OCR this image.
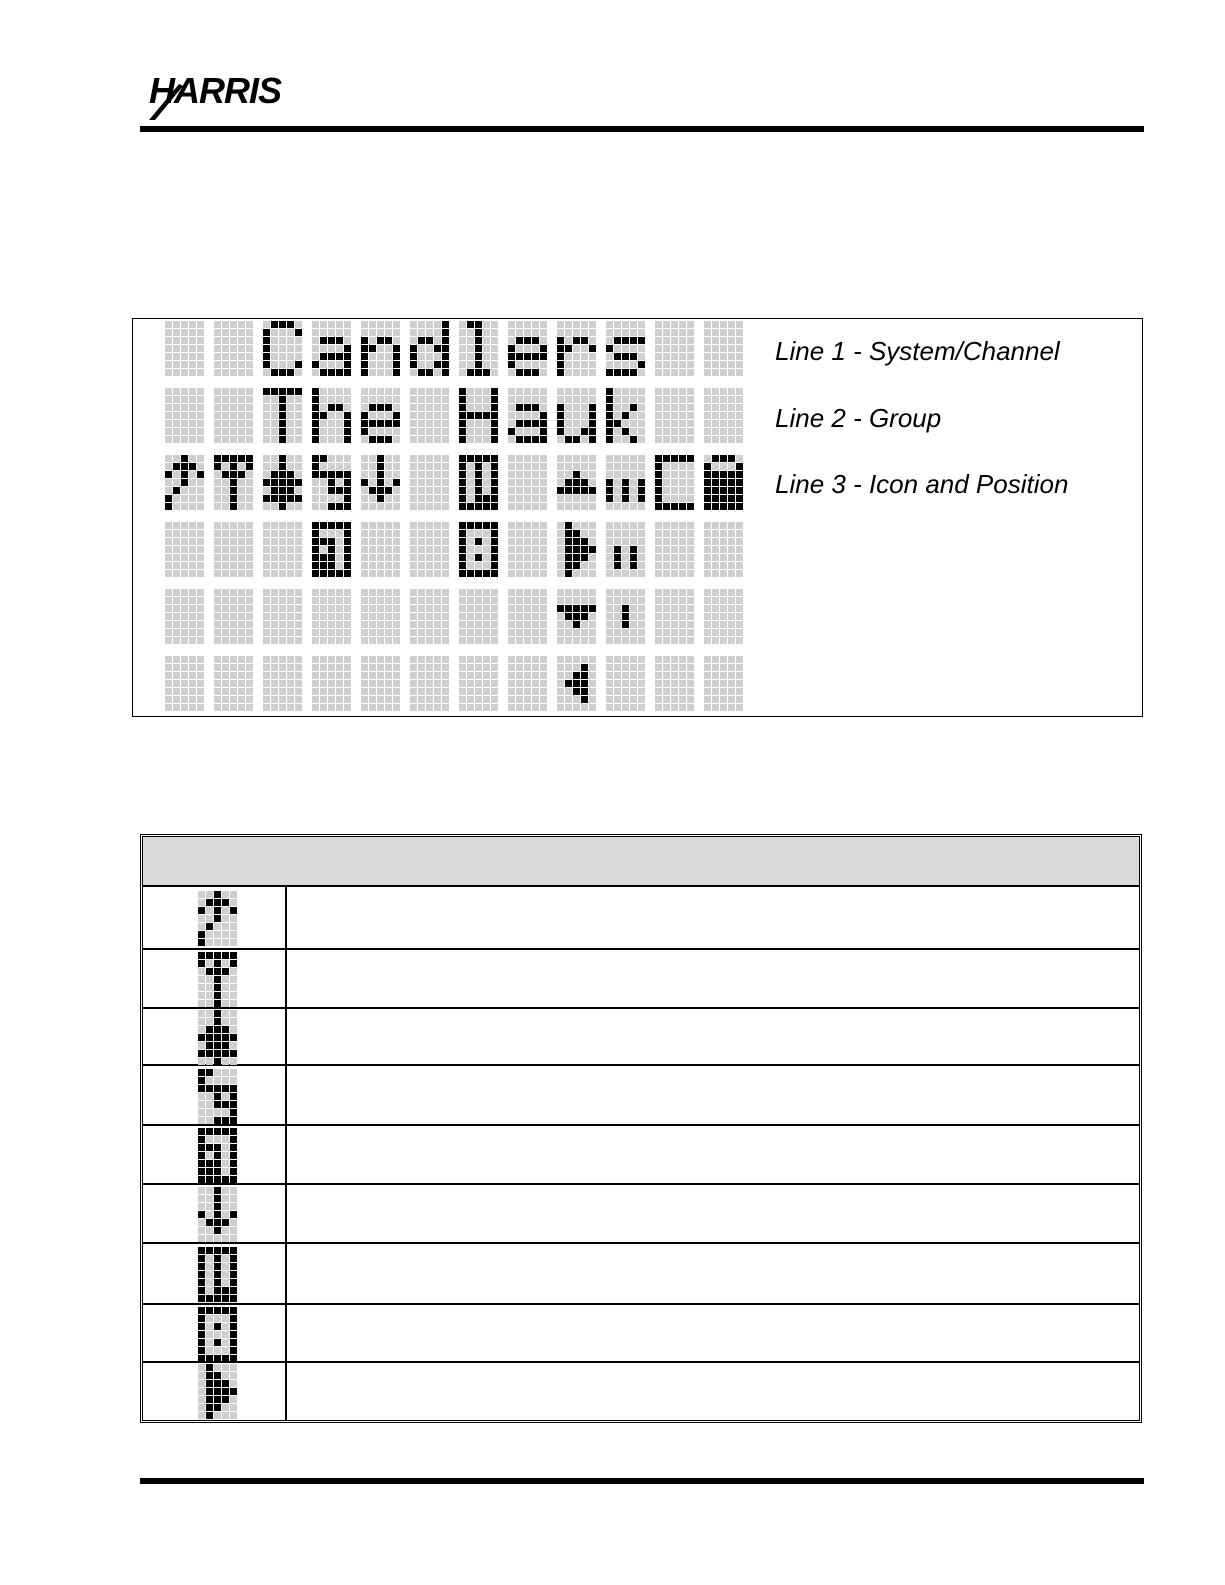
HARRIS
Line 1 - System/Channel
Line 2 - Group
Line 3 - Icon and Position
